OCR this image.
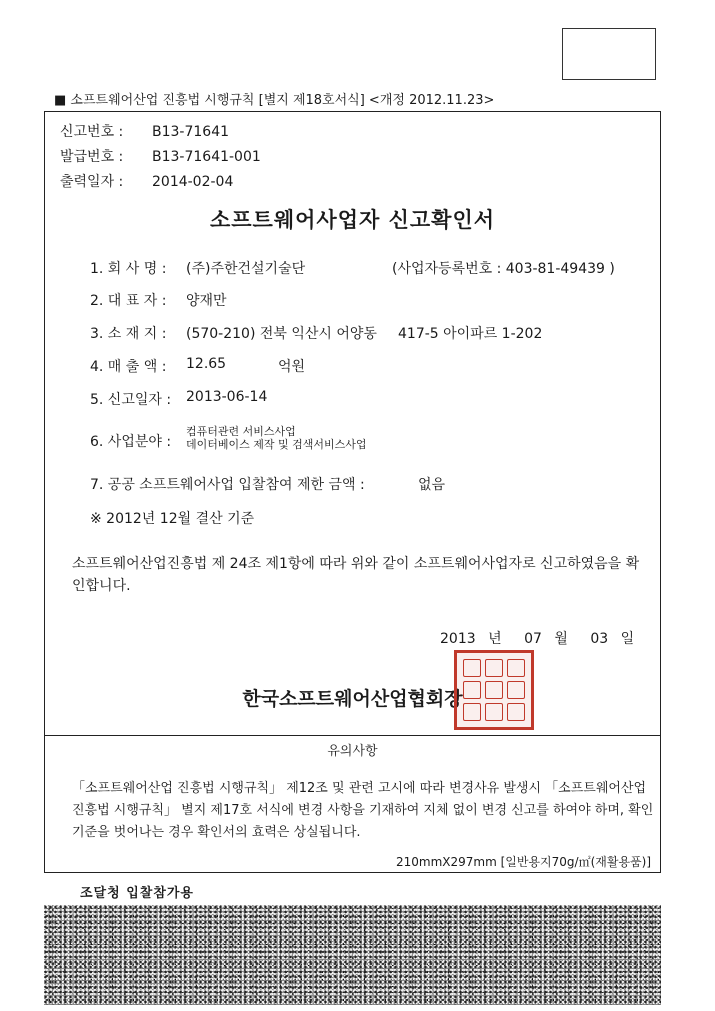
■ 소프트웨어산업 진흥법 시행규칙 [별지 제18호서식] <개정 2012.11.23>
신고번호 : B13-71641
발급번호 : B13-71641-001
출력일자 : 2014-02-04
소프트웨어사업자 신고확인서
1. 회 사 명 : (주)주한건설기술단	(사업자등록번호 : 403-81-49439 )
2. 대 표 자 : 양재만
3. 소 재 지 : (570-210) 전북 익산시 어양동 417-5 아이파르 1-202
4. 매 출 액 : 12.65	억원
5. 신고일자 : 2013-06-14
6. 사업분야 :
컴퓨터관련 서비스사업
데이터베이스 제작 및 검색서비스사업
7. 공공 소프트웨어사업 입찰참여 제한 금액 :	없음
※ 2012년 12월 결산 기준
소프트웨어산업진흥법 제 24조 제1항에 따라 위와 같이 소프트웨어사업자로 신고하였음을 확인합니다.
2013 년 07 월 03 일
한국소프트웨어산업협회장
유의사항
「소프트웨어산업 진흥법 시행규칙」 제12조 및 관련 고시에 따라 변경사유 발생시 「소프트웨어산업 진흥법 시행규칙」 별지 제17호 서식에 변경 사항을 기재하여 지체 없이 변경 신고를 하여야 하며, 확인기준을 벗어나는 경우 확인서의 효력은 상실됩니다.
210mmX297mm [일반용지70g/㎡(재활용품)]
조달청 입찰참가용
